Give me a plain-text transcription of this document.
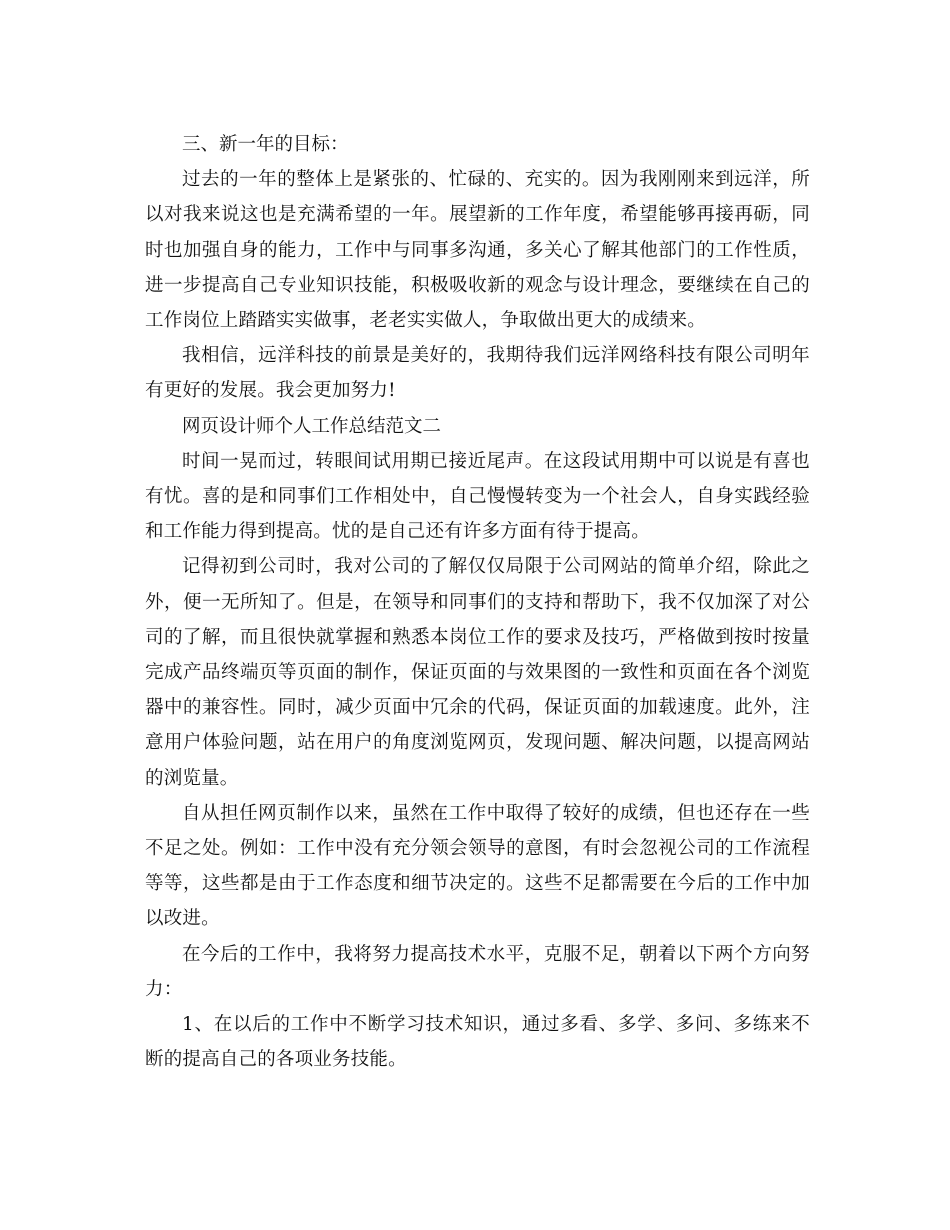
三、新一年的目标：

过去的一年的整体上是紧张的、忙碌的、充实的。因为我刚刚来到远洋，所以对我来说这也是充满希望的一年。展望新的工作年度，希望能够再接再砺，同时也加强自身的能力，工作中与同事多沟通，多关心了解其他部门的工作性质，进一步提高自己专业知识技能，积极吸收新的观念与设计理念，要继续在自己的工作岗位上踏踏实实做事，老老实实做人，争取做出更大的成绩来。

我相信，远洋科技的前景是美好的，我期待我们远洋网络科技有限公司明年有更好的发展。我会更加努力!

网页设计师个人工作总结范文二

时间一晃而过，转眼间试用期已接近尾声。在这段试用期中可以说是有喜也有忧。喜的是和同事们工作相处中，自己慢慢转变为一个社会人，自身实践经验和工作能力得到提高。忧的是自己还有许多方面有待于提高。

记得初到公司时，我对公司的了解仅仅局限于公司网站的简单介绍，除此之外，便一无所知了。但是，在领导和同事们的支持和帮助下，我不仅加深了对公司的了解，而且很快就掌握和熟悉本岗位工作的要求及技巧，严格做到按时按量完成产品终端页等页面的制作，保证页面的与效果图的一致性和页面在各个浏览器中的兼容性。同时，减少页面中冗余的代码，保证页面的加载速度。此外，注意用户体验问题，站在用户的角度浏览网页，发现问题、解决问题，以提高网站的浏览量。

自从担任网页制作以来，虽然在工作中取得了较好的成绩，但也还存在一些不足之处。例如：工作中没有充分领会领导的意图，有时会忽视公司的工作流程等等，这些都是由于工作态度和细节决定的。这些不足都需要在今后的工作中加以改进。

在今后的工作中，我将努力提高技术水平，克服不足，朝着以下两个方向努力：

1、在以后的工作中不断学习技术知识，通过多看、多学、多问、多练来不断的提高自己的各项业务技能。
